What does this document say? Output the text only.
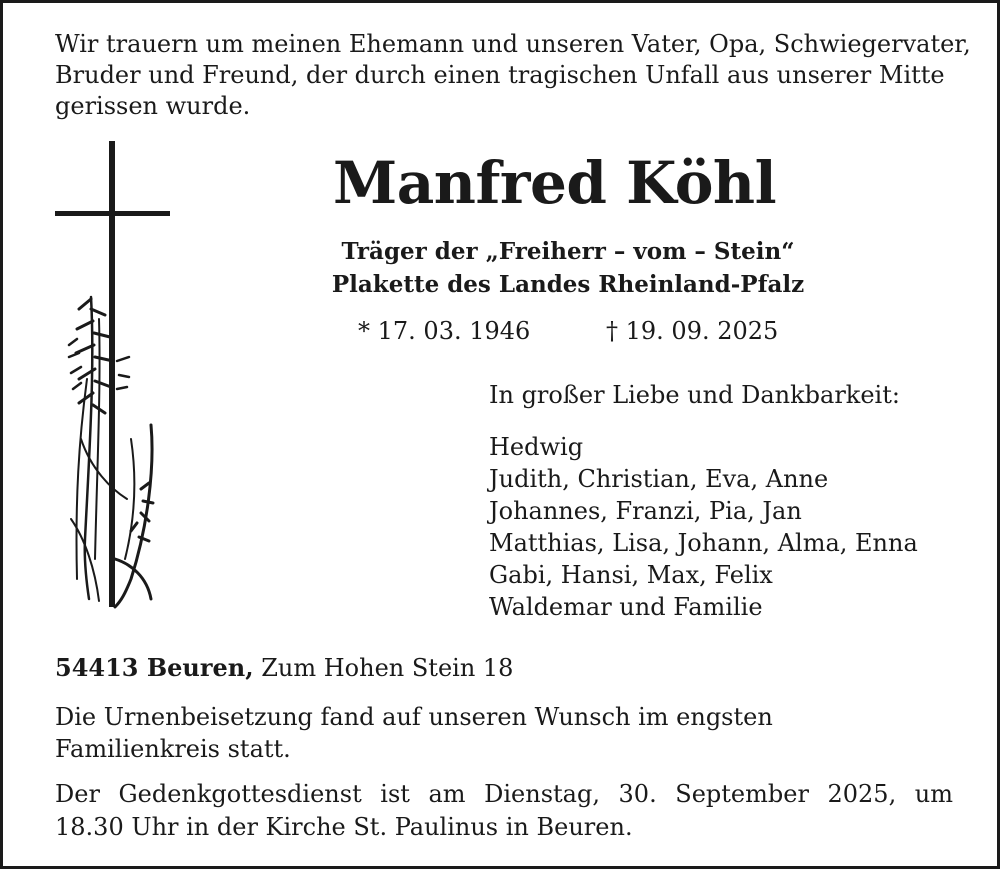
Wir trauern um meinen Ehemann und unseren Vater, Opa, Schwiegervater,
Bruder und Freund, der durch einen tragischen Unfall aus unserer Mitte
gerissen wurde.
Manfred Köhl
Träger der „Freiherr – vom – Stein“
Plakette des Landes Rheinland-Pfalz
* 17. 03. 1946	† 19. 09. 2025
In großer Liebe und Dankbarkeit:
Hedwig
Judith, Christian, Eva, Anne
Johannes, Franzi, Pia, Jan
Matthias, Lisa, Johann, Alma, Enna
Gabi, Hansi, Max, Felix
Waldemar und Familie
54413 Beuren, Zum Hohen Stein 18
Die Urnenbeisetzung fand auf unseren Wunsch im engsten
Familienkreis statt.
Der Gedenkgottesdienst ist am Dienstag, 30. September 2025, um
18.30 Uhr in der Kirche St. Paulinus in Beuren.
